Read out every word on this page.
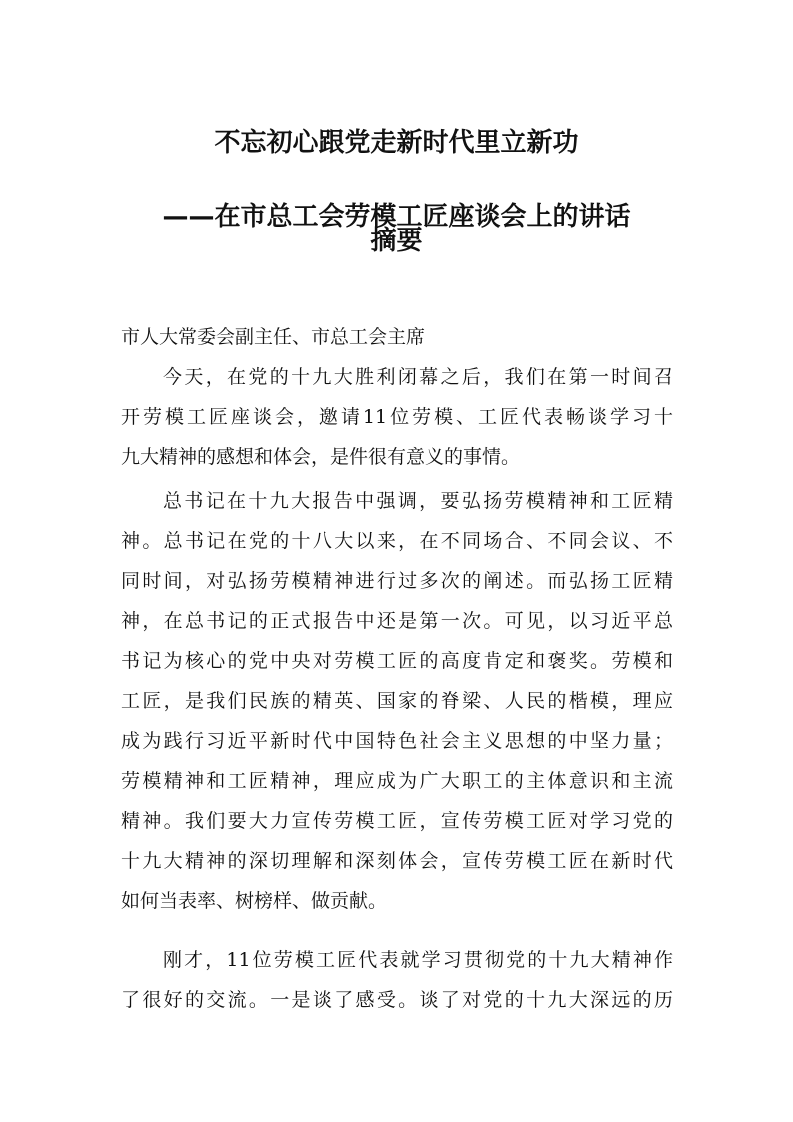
不忘初心跟党走新时代里立新功
——在市总工会劳模工匠座谈会上的讲话
摘要

市人大常委会副主任、市总工会主席

今天，在党的十九大胜利闭幕之后，我们在第一时间召
开劳模工匠座谈会，邀请11位劳模、工匠代表畅谈学习十
九大精神的感想和体会，是件很有意义的事情。
总书记在十九大报告中强调，要弘扬劳模精神和工匠精
神。总书记在党的十八大以来，在不同场合、不同会议、不
同时间，对弘扬劳模精神进行过多次的阐述。而弘扬工匠精
神，在总书记的正式报告中还是第一次。可见，以习近平总
书记为核心的党中央对劳模工匠的高度肯定和褒奖。劳模和
工匠，是我们民族的精英、国家的脊梁、人民的楷模，理应
成为践行习近平新时代中国特色社会主义思想的中坚力量；
劳模精神和工匠精神，理应成为广大职工的主体意识和主流
精神。我们要大力宣传劳模工匠，宣传劳模工匠对学习党的
十九大精神的深切理解和深刻体会，宣传劳模工匠在新时代
如何当表率、树榜样、做贡献。
刚才，11位劳模工匠代表就学习贯彻党的十九大精神作
了很好的交流。一是谈了感受。谈了对党的十九大深远的历
